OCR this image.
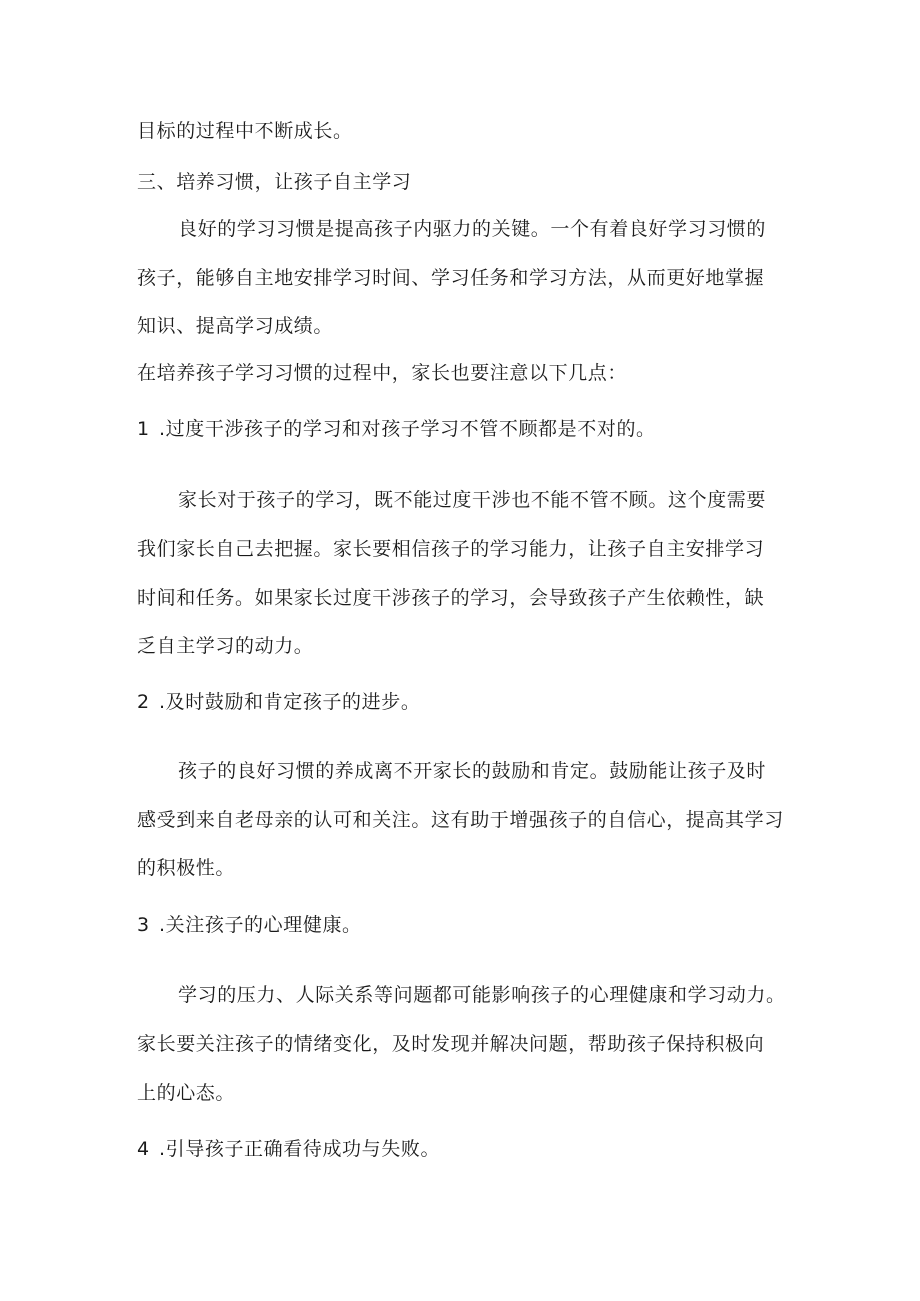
目标的过程中不断成长。

三、培养习惯，让孩子自主学习

良好的学习习惯是提高孩子内驱力的关键。一个有着良好学习习惯的

孩子，能够自主地安排学习时间、学习任务和学习方法，从而更好地掌握

知识、提高学习成绩。

在培养孩子学习习惯的过程中，家长也要注意以下几点：

1 .过度干涉孩子的学习和对孩子学习不管不顾都是不对的。

家长对于孩子的学习，既不能过度干涉也不能不管不顾。这个度需要

我们家长自己去把握。家长要相信孩子的学习能力，让孩子自主安排学习

时间和任务。如果家长过度干涉孩子的学习，会导致孩子产生依赖性，缺

乏自主学习的动力。

2 .及时鼓励和肯定孩子的进步。

孩子的良好习惯的养成离不开家长的鼓励和肯定。鼓励能让孩子及时

感受到来自老母亲的认可和关注。这有助于增强孩子的自信心，提高其学习

的积极性。

3 .关注孩子的心理健康。

学习的压力、人际关系等问题都可能影响孩子的心理健康和学习动力。

家长要关注孩子的情绪变化，及时发现并解决问题，帮助孩子保持积极向

上的心态。

4 .引导孩子正确看待成功与失败。
